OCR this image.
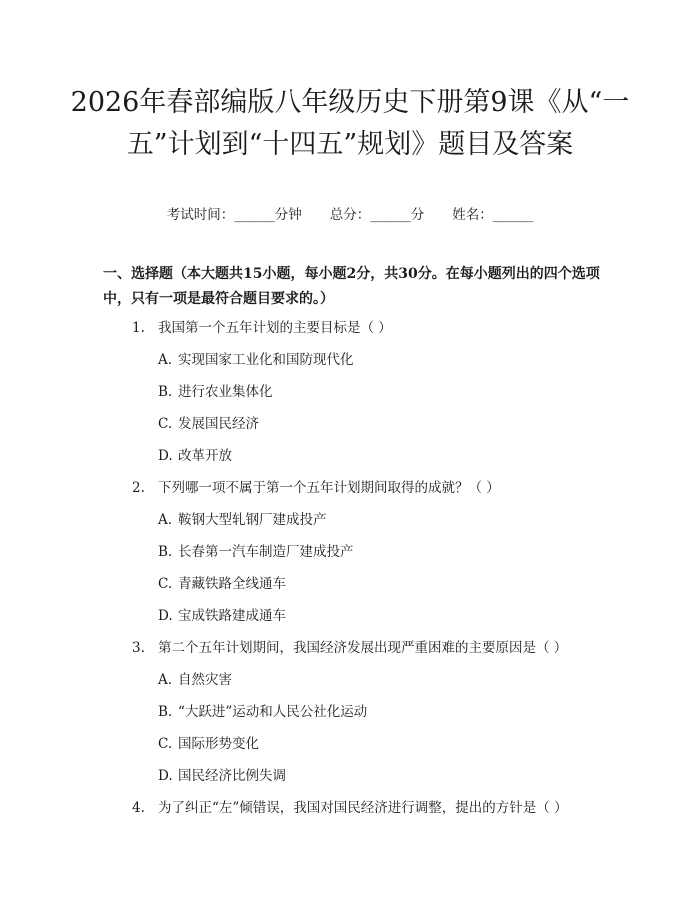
2026年春部编版八年级历史下册第9课《从“一五”计划到“十四五”规划》题目及答案
考试时间：______分钟 总分：______分 姓名：______

一、选择题（本大题共15小题，每小题2分，共30分。在每小题列出的四个选项中，只有一项是最符合题目要求的。）

1. 我国第一个五年计划的主要目标是（ ）
A. 实现国家工业化和国防现代化
B. 进行农业集体化
C. 发展国民经济
D. 改革开放
2. 下列哪一项不属于第一个五年计划期间取得的成就？（ ）
A. 鞍钢大型轧钢厂建成投产
B. 长春第一汽车制造厂建成投产
C. 青藏铁路全线通车
D. 宝成铁路建成通车
3. 第二个五年计划期间，我国经济发展出现严重困难的主要原因是（ ）
A. 自然灾害
B. “大跃进”运动和人民公社化运动
C. 国际形势变化
D. 国民经济比例失调
4. 为了纠正“左”倾错误，我国对国民经济进行调整，提出的方针是（ ）
